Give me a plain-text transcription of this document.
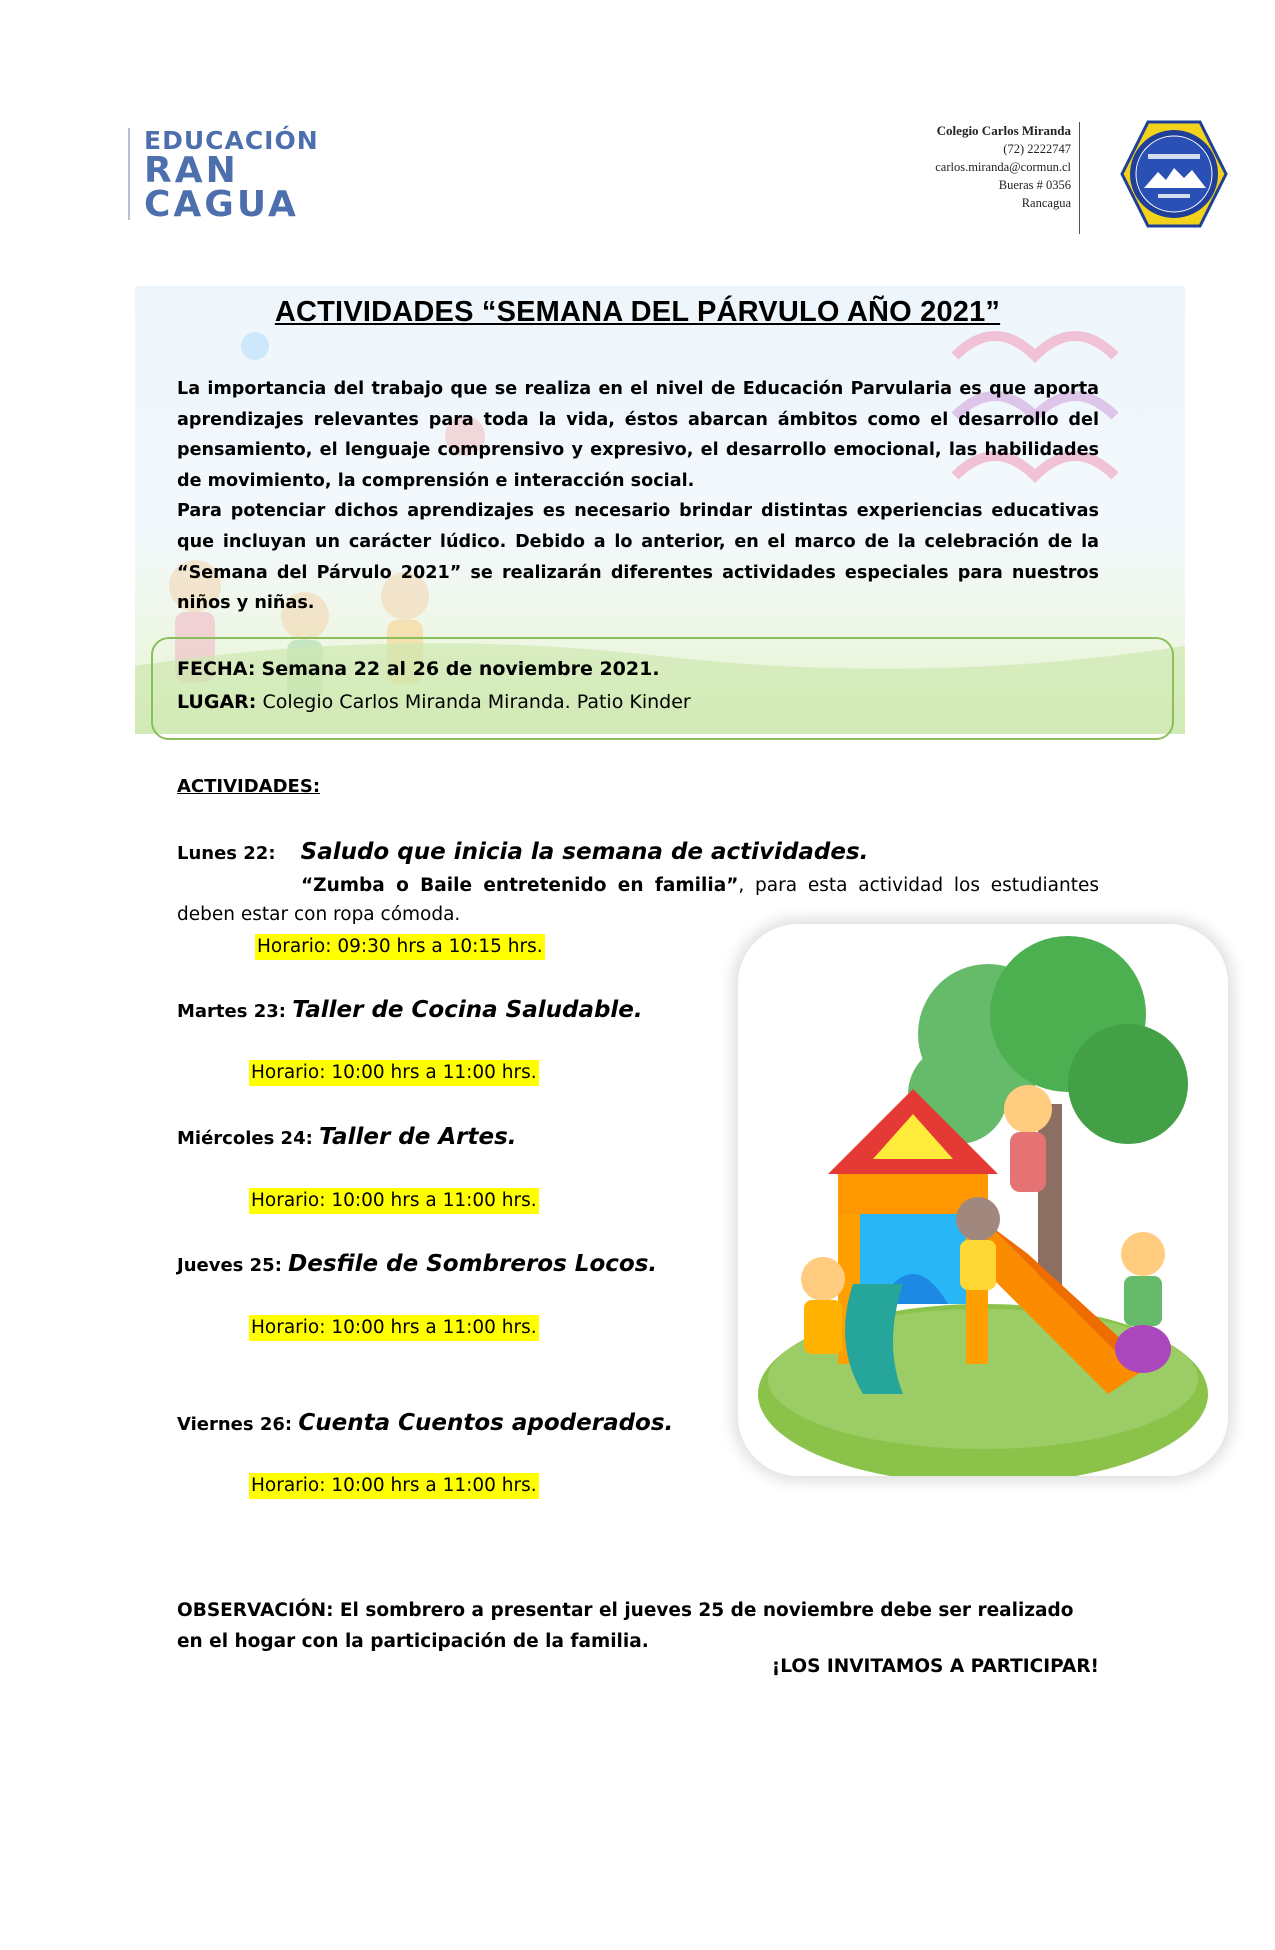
EDUCACIÓN
RAN
CAGUA
Colegio Carlos Miranda
(72) 2222747
carlos.miranda@cormun.cl
Bueras # 0356
Rancagua
ACTIVIDADES “SEMANA DEL PÁRVULO AÑO 2021”

La importancia del trabajo que se realiza en el nivel de Educación Parvularia es que aporta aprendizajes relevantes para toda la vida, éstos abarcan ámbitos como el desarrollo del pensamiento, el lenguaje comprensivo y expresivo, el desarrollo emocional, las habilidades de movimiento, la comprensión e interacción social.

Para potenciar dichos aprendizajes es necesario brindar distintas experiencias educativas que incluyan un carácter lúdico. Debido a lo anterior, en el marco de la celebración de la “Semana del Párvulo 2021” se realizarán diferentes actividades especiales para nuestros niños y niñas.

FECHA: Semana 22 al 26 de noviembre 2021.
LUGAR: Colegio Carlos Miranda Miranda. Patio Kinder
ACTIVIDADES:
Lunes 22: Saludo que inicia la semana de actividades.
“Zumba o Baile entretenido en familia”, para esta actividad los estudiantes deben estar con ropa cómoda.
Horario: 09:30 hrs a 10:15 hrs.
Martes 23: Taller de Cocina Saludable.
Horario: 10:00 hrs a 11:00 hrs.
Miércoles 24: Taller de Artes.
Horario: 10:00 hrs a 11:00 hrs.
Jueves 25: Desfile de Sombreros Locos.
Horario: 10:00 hrs a 11:00 hrs.
Viernes 26: Cuenta Cuentos apoderados.
Horario: 10:00 hrs a 11:00 hrs.
OBSERVACIÓN: El sombrero a presentar el jueves 25 de noviembre debe ser realizado en el hogar con la participación de la familia.
¡LOS INVITAMOS A PARTICIPAR!
